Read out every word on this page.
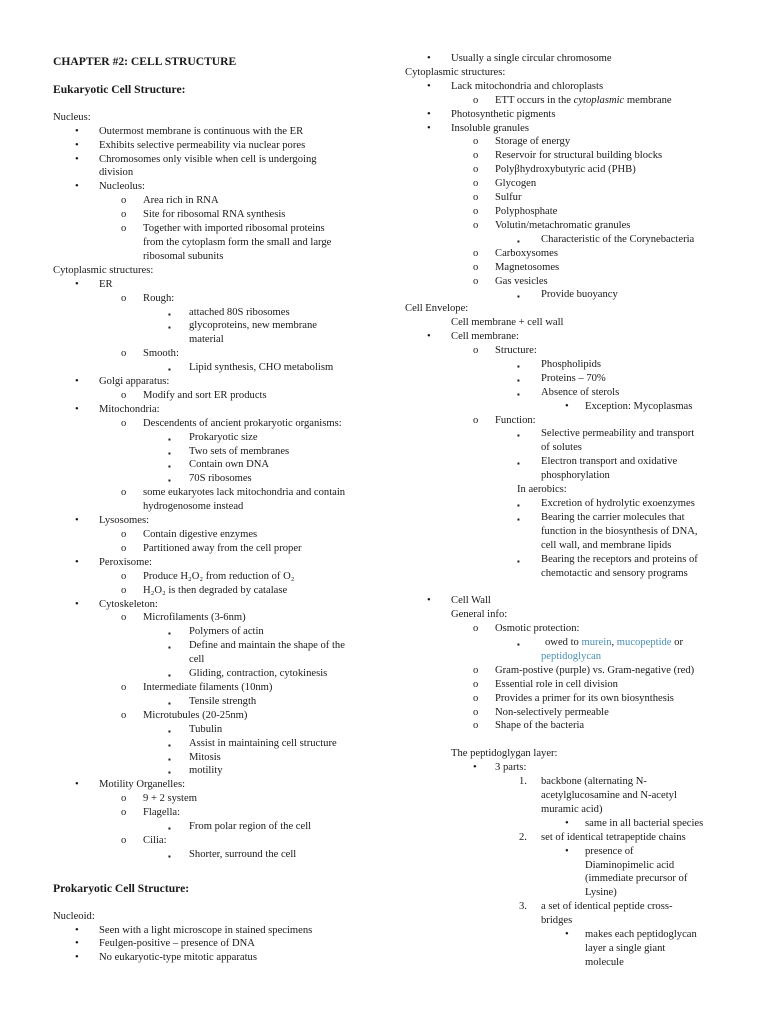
CHAPTER #2: CELL STRUCTURE
Eukaryotic Cell Structure:
Nucleus:
• Outermost membrane is continuous with the ER
• Exhibits selective permeability via nuclear pores
• Chromosomes only visible when cell is undergoing
division
• Nucleolus:
o Area rich in RNA
o Site for ribosomal RNA synthesis
o Together with imported ribosomal proteins
from the cytoplasm form the small and large
ribosomal subunits
Cytoplasmic structures:
• ER
o Rough:
▪ attached 80S ribosomes
▪ glycoproteins, new membrane
material
o Smooth:
▪ Lipid synthesis, CHO metabolism
• Golgi apparatus:
o Modify and sort ER products
• Mitochondria:
o Descendents of ancient prokaryotic organisms:
▪ Prokaryotic size
▪ Two sets of membranes
▪ Contain own DNA
▪ 70S ribosomes
o some eukaryotes lack mitochondria and contain
hydrogenosome instead
• Lysosomes:
o Contain digestive enzymes
o Partitioned away from the cell proper
• Peroxisome:
o Produce H₂O₂ from reduction of O₂
o H₂O₂ is then degraded by catalase
• Cytoskeleton:
o Microfilaments (3-6nm)
▪ Polymers of actin
▪ Define and maintain the shape of the
cell
▪ Gliding, contraction, cytokinesis
o Intermediate filaments (10nm)
▪ Tensile strength
o Microtubules (20-25nm)
▪ Tubulin
▪ Assist in maintaining cell structure
▪ Mitosis
▪ motility
• Motility Organelles:
o 9 + 2 system
o Flagella:
▪ From polar region of the cell
o Cilia:
▪ Shorter, surround the cell
Prokaryotic Cell Structure:
Nucleoid:
• Seen with a light microscope in stained specimens
• Feulgen-positive – presence of DNA
• No eukaryotic-type mitotic apparatus
• Usually a single circular chromosome
Cytoplasmic structures:
• Lack mitochondria and chloroplasts
o ETT occurs in the cytoplasmic membrane
• Photosynthetic pigments
• Insoluble granules
o Storage of energy
o Reservoir for structural building blocks
o Polyβhydroxybutyric acid (PHB)
o Glycogen
o Sulfur
o Polyphosphate
o Volutin/metachromatic granules
▪ Characteristic of the Corynebacteria
o Carboxysomes
o Magnetosomes
o Gas vesicles
▪ Provide buoyancy
Cell Envelope:
Cell membrane + cell wall
• Cell membrane:
o Structure:
▪ Phospholipids
▪ Proteins – 70%
▪ Absence of sterols
• Exception: Mycoplasmas
o Function:
▪ Selective permeability and transport
of solutes
▪ Electron transport and oxidative
phosphorylation
In aerobics:
▪ Excretion of hydrolytic exoenzymes
▪ Bearing the carrier molecules that
function in the biosynthesis of DNA,
cell wall, and membrane lipids
▪ Bearing the receptors and proteins of
chemotactic and sensory programs
• Cell Wall
General info:
o Osmotic protection:
▪ owed to murein, mucopeptide or
peptidoglycan
o Gram-postive (purple) vs. Gram-negative (red)
o Essential role in cell division
o Provides a primer for its own biosynthesis
o Non-selectively permeable
o Shape of the bacteria
The peptidoglygan layer:
• 3 parts:
1. backbone (alternating N-
acetylglucosamine and N-acetyl
muramic acid)
• same in all bacterial species
2. set of identical tetrapeptide chains
• presence of
Diaminopimelic acid
(immediate precursor of
Lysine)
3. a set of identical peptide cross-
bridges
• makes each peptidoglycan
layer a single giant
molecule
